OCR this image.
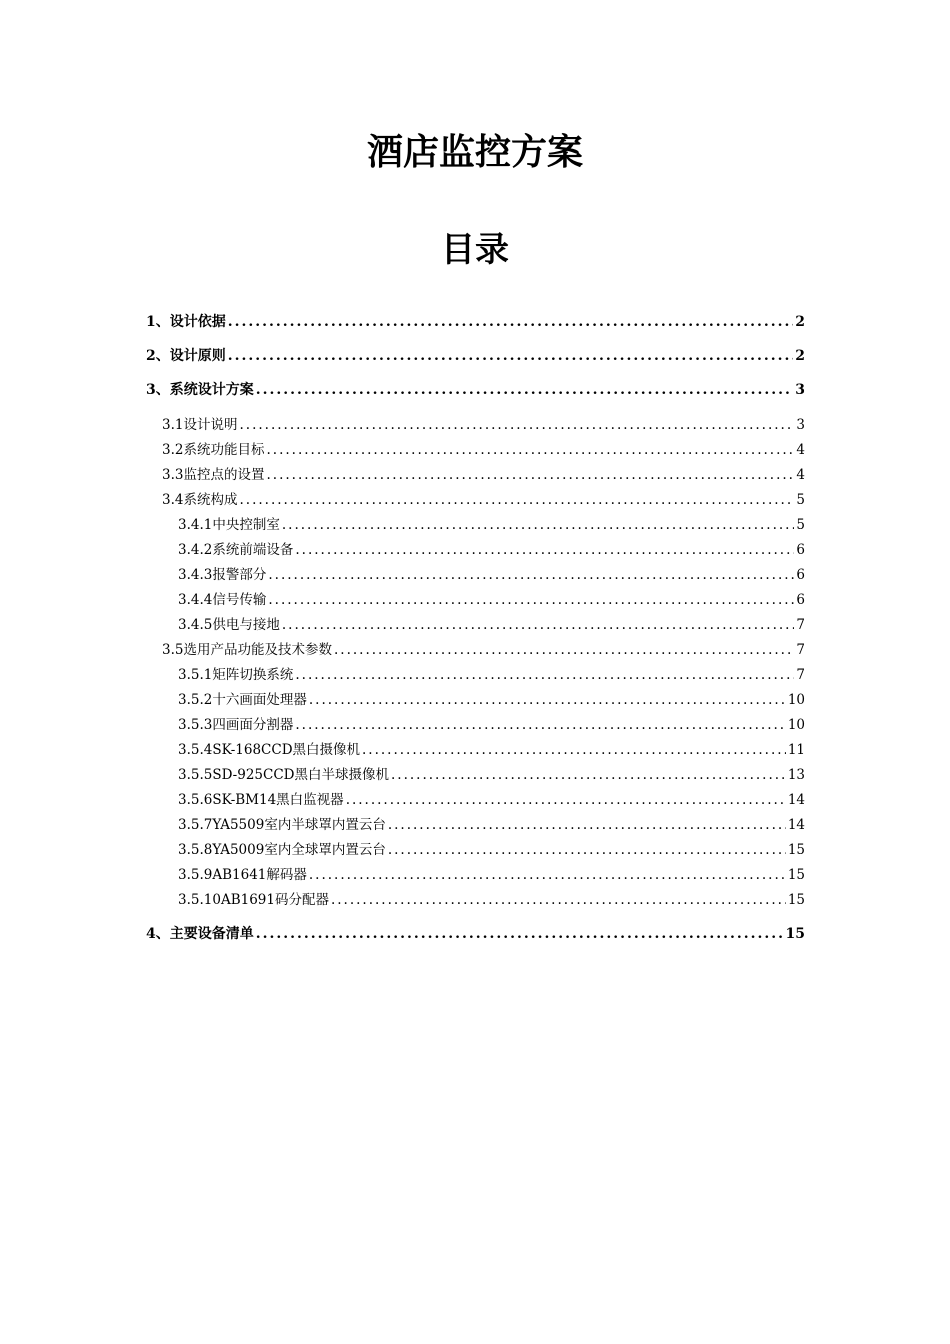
酒店监控方案
目录
1、设计依据 .....	2
2、设计原则 .....	2
3、系统设计方案 .....	3
3.1设计说明 .....	3
3.2系统功能目标 .....	4
3.3监控点的设置 .....	4
3.4系统构成 .....	5
3.4.1中央控制室 .....	5
3.4.2系统前端设备 .....	6
3.4.3报警部分 .....	6
3.4.4信号传输 .....	6
3.4.5供电与接地 .....	7
3.5选用产品功能及技术参数 .....	7
3.5.1矩阵切换系统 .....	7
3.5.2十六画面处理器 .....	10
3.5.3四画面分割器 .....	10
3.5.4SK-168CCD黑白摄像机 .....	11
3.5.5SD-925CCD黑白半球摄像机 .....	13
3.5.6SK-BM14黑白监视器 .....	14
3.5.7YA5509室内半球罩内置云台 .....	14
3.5.8YA5009室内全球罩内置云台 .....	15
3.5.9AB1641解码器 .....	15
3.5.10AB1691码分配器 .....	15
4、主要设备清单 .....	15
